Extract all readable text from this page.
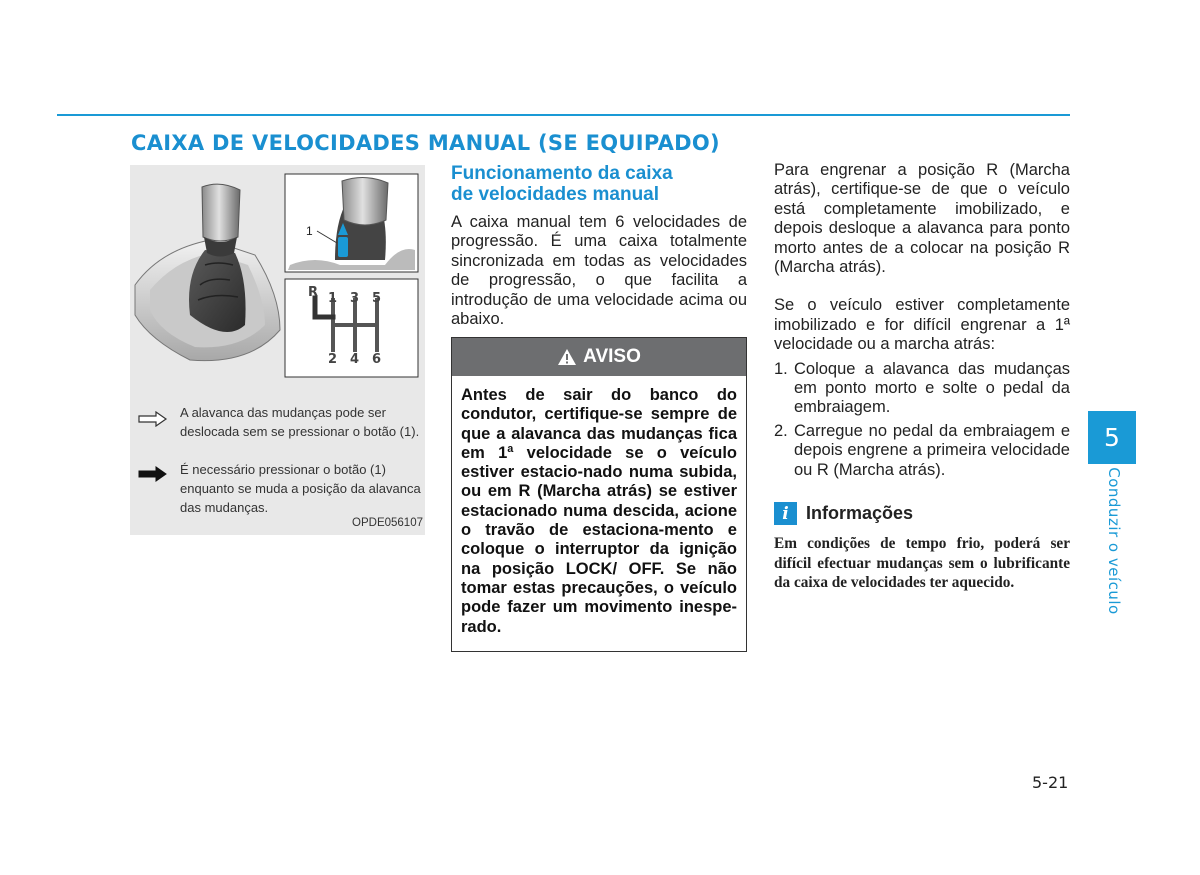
CAIXA DE VELOCIDADES MANUAL (SE EQUIPADO)
1
R 1 3 5
2 4 6
A alavanca das mudanças pode ser deslocada sem se pressionar o botão (1).
É necessário pressionar o botão (1) enquanto se muda a posição da alavanca das mudanças.
OPDE056107
Funcionamento da caixa
de velocidades manual

A caixa manual tem 6 velocidades de progressão. É uma caixa totalmente sincronizada em todas as velocidades de progressão, o que facilita a introdução de uma velocidade acima ou abaixo.

AVISO
Antes de sair do banco do condutor, certifique-se sempre de que a alavanca das mudanças fica em 1ª velocidade se o veículo estiver estacio-nado numa subida, ou em R (Marcha atrás) se estiver estacionado numa descida, acione o travão de estaciona-mento e coloque o interruptor da ignição na posição LOCK/ OFF. Se não tomar estas precauções, o veículo pode fazer um movimento inespe-rado.

Para engrenar a posição R (Marcha atrás), certifique-se de que o veículo está completamente imobilizado, e depois desloque a alavanca para ponto morto antes de a colocar na posição R (Marcha atrás).

Se o veículo estiver completamente imobilizado e for difícil engrenar a 1ª velocidade ou a marcha atrás:

1. Coloque a alavanca das mudanças em ponto morto e solte o pedal da embraiagem.
2. Carregue no pedal da embraiagem e depois engrene a primeira velocidade ou R (Marcha atrás).
i Informações

Em condições de tempo frio, poderá ser difícil efectuar mudanças sem o lubrificante da caixa de velocidades ter aquecido.

5
Conduzir o veículo
5-21
